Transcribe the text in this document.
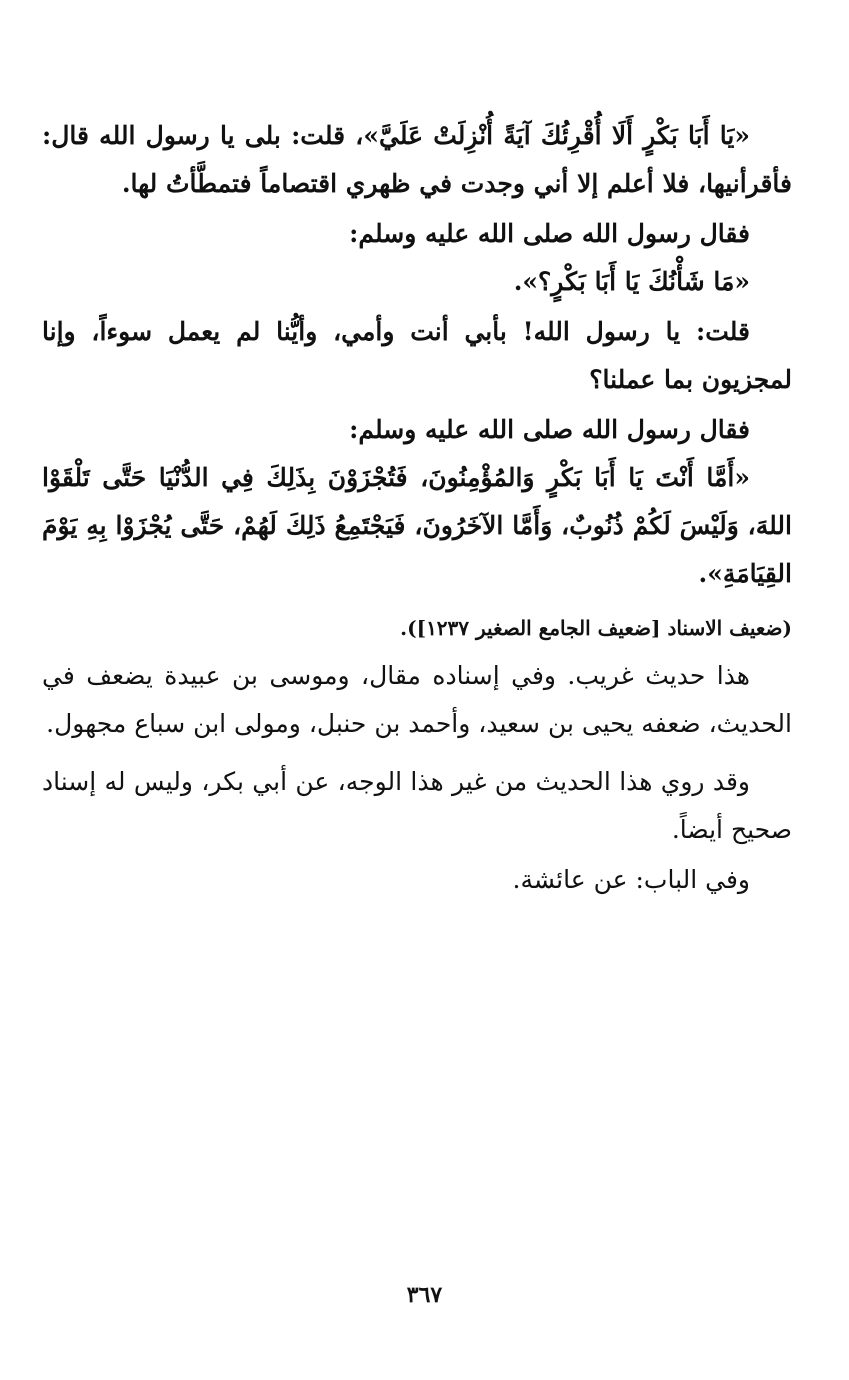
«يَا أَبَا بَكْرٍ أَلَا أُقْرِئُكَ آيَةً أُنْزِلَتْ عَلَيَّ»، قلت: بلى يا رسول الله قال: فأقرأنيها، فلا أعلم إلا أني وجدت في ظهري اقتصاماً فتمطَّأتُ لها.

فقال رسول الله صلى الله عليه وسلم:

«مَا شَأْنُكَ يَا أَبَا بَكْرٍ؟».

قلت: يا رسول الله! بأبي أنت وأمي، وأيُّنا لم يعمل سوءاً، وإنا لمجزيون بما عملنا؟

فقال رسول الله صلى الله عليه وسلم:

«أَمَّا أَنْتَ يَا أَبَا بَكْرٍ وَالمُؤْمِنُونَ، فَتُجْزَوْنَ بِذَلِكَ فِي الدُّنْيَا حَتَّى تَلْقَوْا اللهَ، وَلَيْسَ لَكُمْ ذُنُوبٌ، وَأَمَّا الآخَرُونَ، فَيَجْتَمِعُ ذَلِكَ لَهُمْ، حَتَّى يُجْزَوْا بِهِ يَوْمَ القِيَامَةِ».

(ضعيف الاسناد [ضعيف الجامع الصغير ١٢٣٧]).

هذا حديث غريب. وفي إسناده مقال، وموسى بن عبيدة يضعف في الحديث، ضعفه يحيى بن سعيد، وأحمد بن حنبل، ومولى ابن سباع مجهول.

وقد روي هذا الحديث من غير هذا الوجه، عن أبي بكر، وليس له إسناد صحيح أيضاً.

وفي الباب: عن عائشة.

٣٦٧
